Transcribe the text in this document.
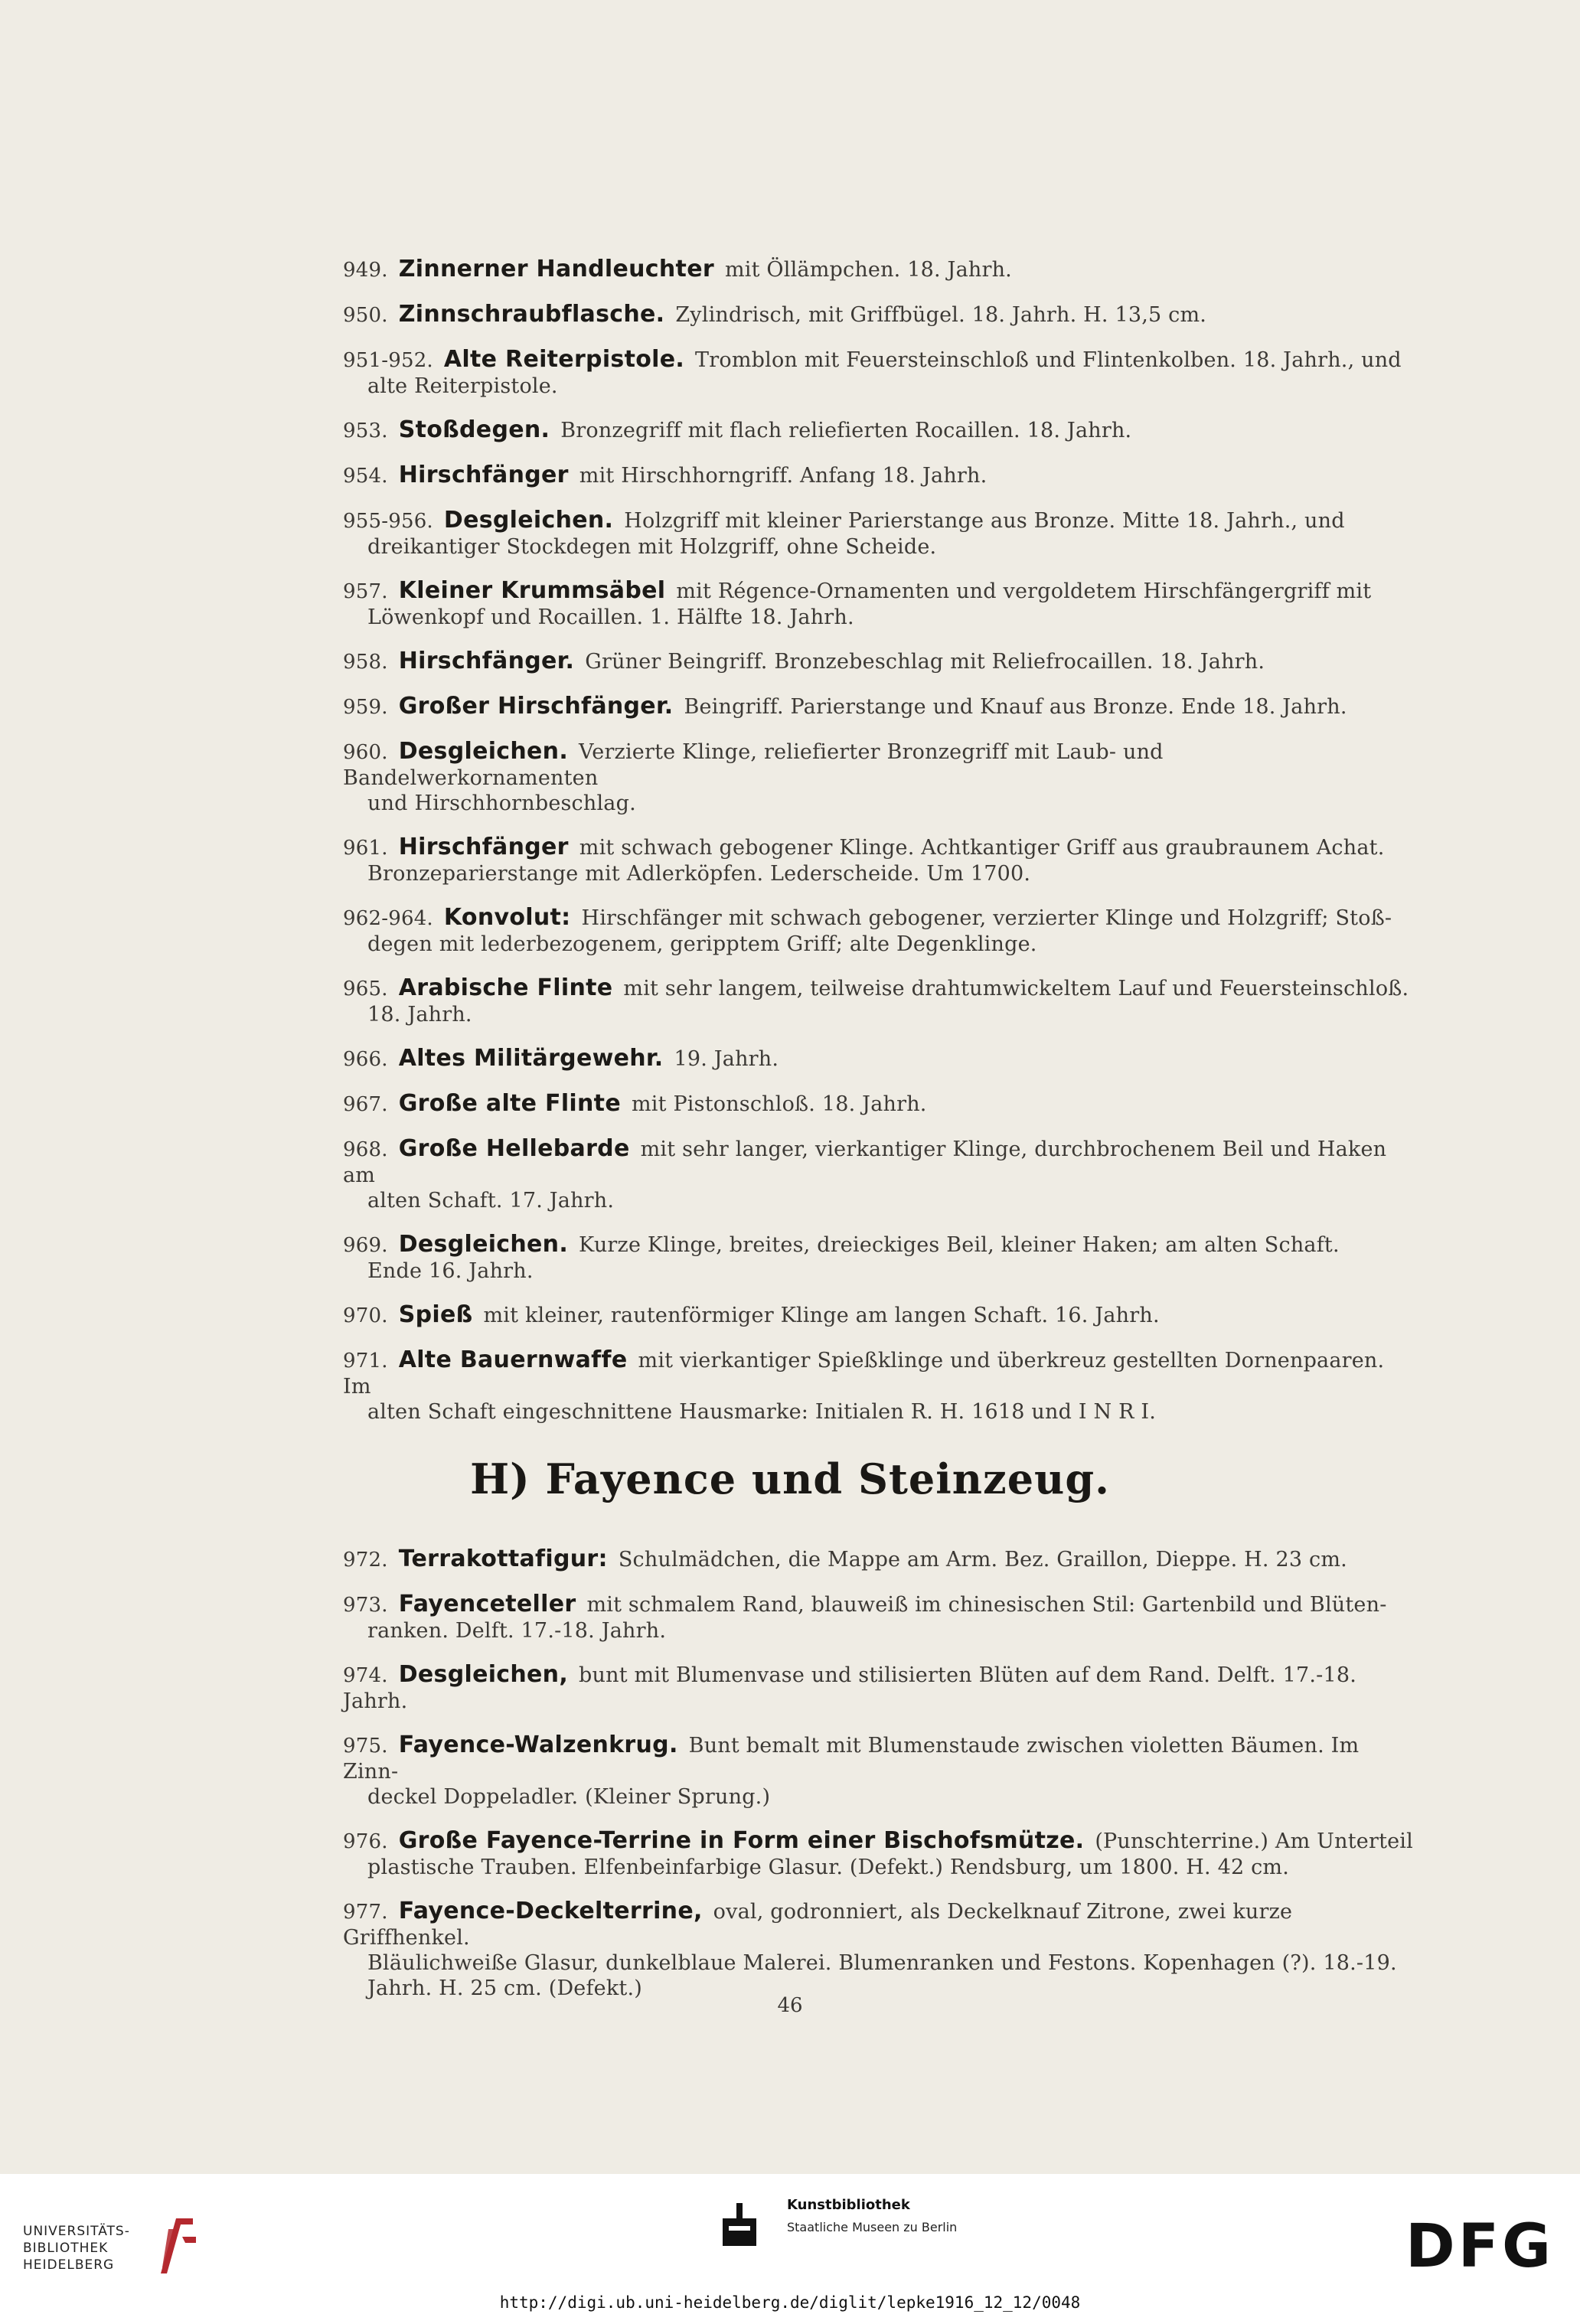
949. Zinnerner Handleuchter mit Öllämpchen. 18. Jahrh.
950. Zinnschraubflasche. Zylindrisch, mit Griffbügel. 18. Jahrh. H. 13,5 cm.
951-952. Alte Reiterpistole. Tromblon mit Feuersteinschloß und Flintenkolben. 18. Jahrh., und
alte Reiterpistole.
953. Stoßdegen. Bronzegriff mit flach reliefierten Rocaillen. 18. Jahrh.
954. Hirschfänger mit Hirschhorngriff. Anfang 18. Jahrh.
955-956. Desgleichen. Holzgriff mit kleiner Parierstange aus Bronze. Mitte 18. Jahrh., und
dreikantiger Stockdegen mit Holzgriff, ohne Scheide.
957. Kleiner Krummsäbel mit Régence-Ornamenten und vergoldetem Hirschfängergriff mit
Löwenkopf und Rocaillen. 1. Hälfte 18. Jahrh.
958. Hirschfänger. Grüner Beingriff. Bronzebeschlag mit Reliefrocaillen. 18. Jahrh.
959. Großer Hirschfänger. Beingriff. Parierstange und Knauf aus Bronze. Ende 18. Jahrh.
960. Desgleichen. Verzierte Klinge, reliefierter Bronzegriff mit Laub- und Bandelwerkornamenten
und Hirschhornbeschlag.
961. Hirschfänger mit schwach gebogener Klinge. Achtkantiger Griff aus graubraunem Achat.
Bronzeparierstange mit Adlerköpfen. Lederscheide. Um 1700.
962-964. Konvolut: Hirschfänger mit schwach gebogener, verzierter Klinge und Holzgriff; Stoß-
degen mit lederbezogenem, geripptem Griff; alte Degenklinge.
965. Arabische Flinte mit sehr langem, teilweise drahtumwickeltem Lauf und Feuersteinschloß.
18. Jahrh.
966. Altes Militärgewehr. 19. Jahrh.
967. Große alte Flinte mit Pistonschloß. 18. Jahrh.
968. Große Hellebarde mit sehr langer, vierkantiger Klinge, durchbrochenem Beil und Haken am
alten Schaft. 17. Jahrh.
969. Desgleichen. Kurze Klinge, breites, dreieckiges Beil, kleiner Haken; am alten Schaft.
Ende 16. Jahrh.
970. Spieß mit kleiner, rautenförmiger Klinge am langen Schaft. 16. Jahrh.
971. Alte Bauernwaffe mit vierkantiger Spießklinge und überkreuz gestellten Dornenpaaren. Im
alten Schaft eingeschnittene Hausmarke: Initialen R. H. 1618 und I N R I.
H) Fayence und Steinzeug.
972. Terrakottafigur: Schulmädchen, die Mappe am Arm. Bez. Graillon, Dieppe. H. 23 cm.
973. Fayenceteller mit schmalem Rand, blauweiß im chinesischen Stil: Gartenbild und Blüten-
ranken. Delft. 17.-18. Jahrh.
974. Desgleichen, bunt mit Blumenvase und stilisierten Blüten auf dem Rand. Delft. 17.-18. Jahrh.
975. Fayence-Walzenkrug. Bunt bemalt mit Blumenstaude zwischen violetten Bäumen. Im Zinn-
deckel Doppeladler. (Kleiner Sprung.)
976. Große Fayence-Terrine in Form einer Bischofsmütze. (Punschterrine.) Am Unterteil
plastische Trauben. Elfenbeinfarbige Glasur. (Defekt.) Rendsburg, um 1800. H. 42 cm.
977. Fayence-Deckelterrine, oval, godronniert, als Deckelknauf Zitrone, zwei kurze Griffhenkel.
Bläulichweiße Glasur, dunkelblaue Malerei. Blumenranken und Festons. Kopenhagen (?). 18.-19. Jahrh. H. 25 cm. (Defekt.)
46
UNIVERSITÄTS-
BIBLIOTHEK
HEIDELBERG
Kunstbibliothek
Staatliche Museen zu Berlin	DFG
http://digi.ub.uni-heidelberg.de/diglit/lepke1916_12_12/0048
